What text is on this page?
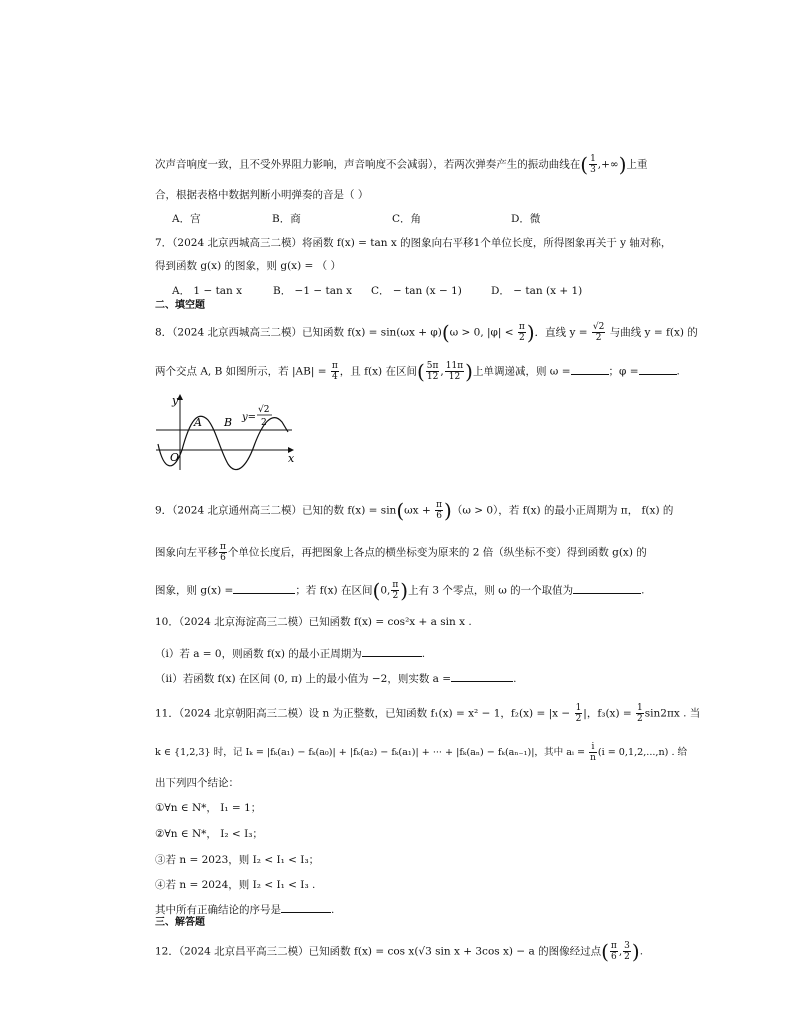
次声音响度一致，且不受外界阻力影响，声音响度不会减弱），若两次弹奏产生的振动曲线在( $\frac{1}{3}$ ,+∞)上重
合，根据表格中数据判断小明弹奏的音是（ ）
A．宫	B．商	C．角	D．微
7．（2024 北京西城高三二模）将函数 f(x) = tan x 的图象向右平移1个单位长度，所得图象再关于 y 轴对称，
得到函数 g(x) 的图象，则 g(x) = （ ）
A． 1 − tan x	B． −1 − tan x C． − tan (x − 1)	D． − tan (x + 1)
二、填空题
8．（2024 北京西城高三二模）已知函数 f(x) = sin(ωx + φ)(ω > 0, $|\varphi| < \frac{\pi}{2}$ )．直线 $y = \frac{√2}{2}$ 与曲线 y = f(x) 的
两个交点 A, B 如图所示，若 $|AB| = \frac{\pi}{4}$ ，且 f(x) 在区间( $\frac{5\pi}{12}$ , $\frac{11\pi}{12}$ )上单调递减，则 ω =	；φ =	.
y
x
O
A B y=
√2
2
9．（2024 北京通州高三二模）已知的数 $f(x) = \sin(\omega x + \frac{\pi}{6} )(\omega > 0)$，若 f(x) 的最小正周期为 π， f(x) 的
图象向左平移 $\frac{\pi}{6}$ 个单位长度后，再把图象上各点的横坐标变为原来的 2 倍（纵坐标不变）得到函数 g(x) 的
图象，则 g(x) =	；若 f(x) 在区间(0, $\frac{\pi}{2}$ )上有 3 个零点，则 ω 的一个取值为	.
10．（2024 北京海淀高三二模）已知函数 f(x) = cos²x + a sin x .
（i）若 a = 0，则函数 f(x) 的最小正周期为	.
（ii）若函数 f(x) 在区间 (0, π) 上的最小值为 −2，则实数 a =	.
11．（2024 北京朝阳高三二模）设 n 为正整数，已知函数 f₁(x) = x² − 1，$f_2(x) = |x - \frac{1}{2}$ |，$f_3(x) = \frac{1}{2} \sin 2\pi x$ . 当
k ∈ {1,2,3} 时，记 Iₖ = |fₖ(a₁) − fₖ(a₀)| + |fₖ(a₂) − fₖ(a₁)| + ··· + |fₖ(aₙ) − fₖ(aₙ₋₁)|，其中 aᵢ = $\frac{i}{n} (i = 0,1,2,...,n)$ . 给
出下列四个结论：
①∀n ∈ N*， I₁ = 1；
②∀n ∈ N*， I₂ < I₃；
③若 n = 2023，则 I₂ < I₁ < I₃；
④若 n = 2024，则 I₂ < I₁ < I₃ .
其中所有正确结论的序号是	.
三、解答题
12．（2024 北京昌平高三二模）已知函数 f(x) = cos x(√3 sin x + 3cos x) − a 的图像经过点( $\frac{\pi}{6}$ , $\frac{3}{2}$ ).
